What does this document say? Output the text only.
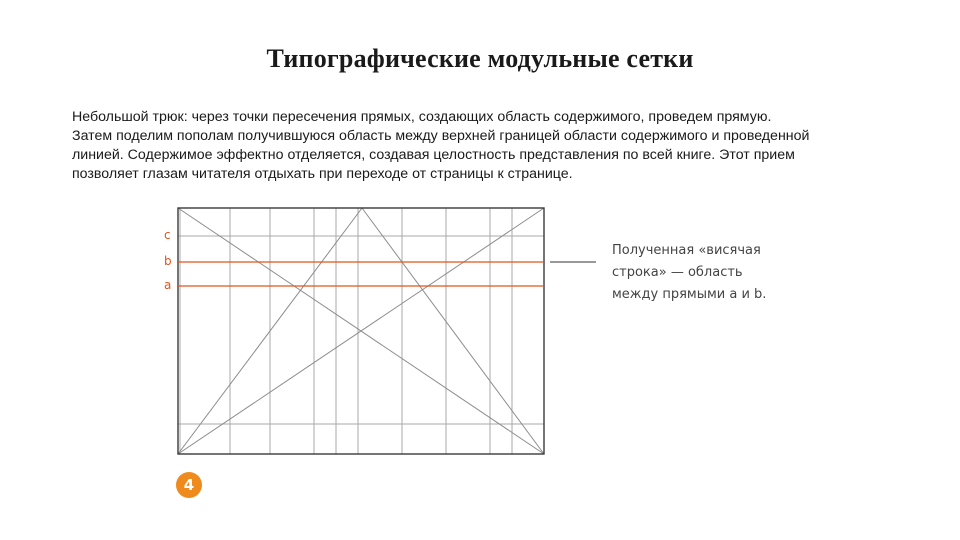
Типографические модульные сетки
Небольшой трюк: через точки пересечения прямых, создающих область содержимого, проведем прямую.
Затем поделим пополам получившуюся область между верхней границей области содержимого и проведенной
линией. Содержимое эффектно отделяется, создавая целостность представления по всей книге. Этот прием
позволяет глазам читателя отдыхать при переходе от страницы к странице.
c
b
a
Полученная «висячая
строка» — область
между прямыми a и b.
4
